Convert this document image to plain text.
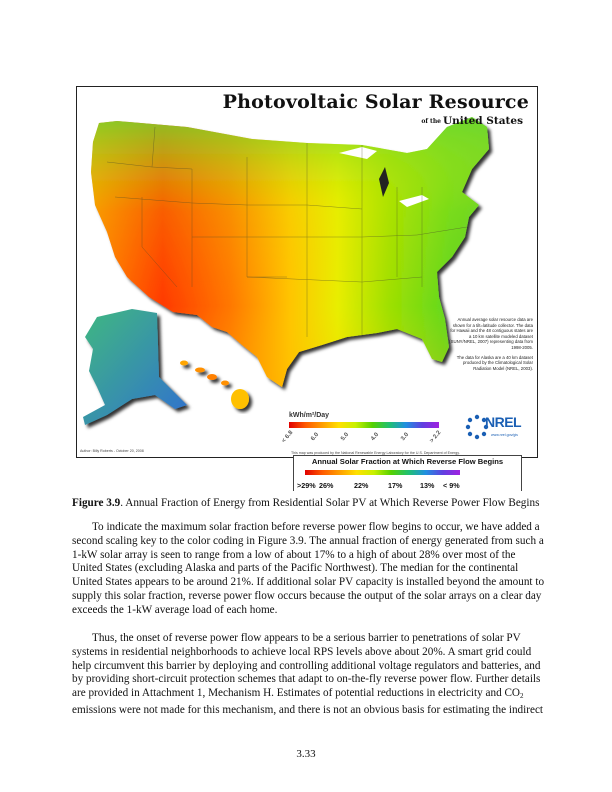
Photovoltaic Solar Resource
of the United States

Annual average solar resource data are shown for a tilt=latitude collector. The data for Hawaii and the 48 contiguous states are a 10 km satellite modeled dataset (SUNY/NREL, 2007) representing data from 1998-2005.

The data for Alaska are a 40 km dataset produced by the Climatological Solar Radiation Model (NREL, 2003).

kWh/m²/Day
< 6.8	6.0	5.0	4.0	3.0	> 2.2
NREL
www.nrel.gov/gis
Author: Billy Roberts - October 20, 2008	This map was produced by the National Renewable Energy Laboratory for the U.S. Department of Energy.
Annual Solar Fraction at Which Reverse Flow Begins
>29% 26%	22%	17% 13% < 9%
Figure 3.9. Annual Fraction of Energy from Residential Solar PV at Which Reverse Power Flow Begins
To indicate the maximum solar fraction before reverse power flow begins to occur, we have added a
second scaling key to the color coding in Figure 3.9. The annual fraction of energy generated from such a
1-kW solar array is seen to range from a low of about 17% to a high of about 28% over most of the
United States (excluding Alaska and parts of the Pacific Northwest). The median for the continental
United States appears to be around 21%. If additional solar PV capacity is installed beyond the amount to
supply this solar fraction, reverse power flow occurs because the output of the solar arrays on a clear day
exceeds the 1-kW average load of each home.
Thus, the onset of reverse power flow appears to be a serious barrier to penetrations of solar PV
systems in residential neighborhoods to achieve local RPS levels above about 20%. A smart grid could
help circumvent this barrier by deploying and controlling additional voltage regulators and batteries, and
by providing short-circuit protection schemes that adapt to on-the-fly reverse power flow. Further details
are provided in Attachment 1, Mechanism H. Estimates of potential reductions in electricity and $CO_2$
emissions were not made for this mechanism, and there is not an obvious basis for estimating the indirect
3.33
